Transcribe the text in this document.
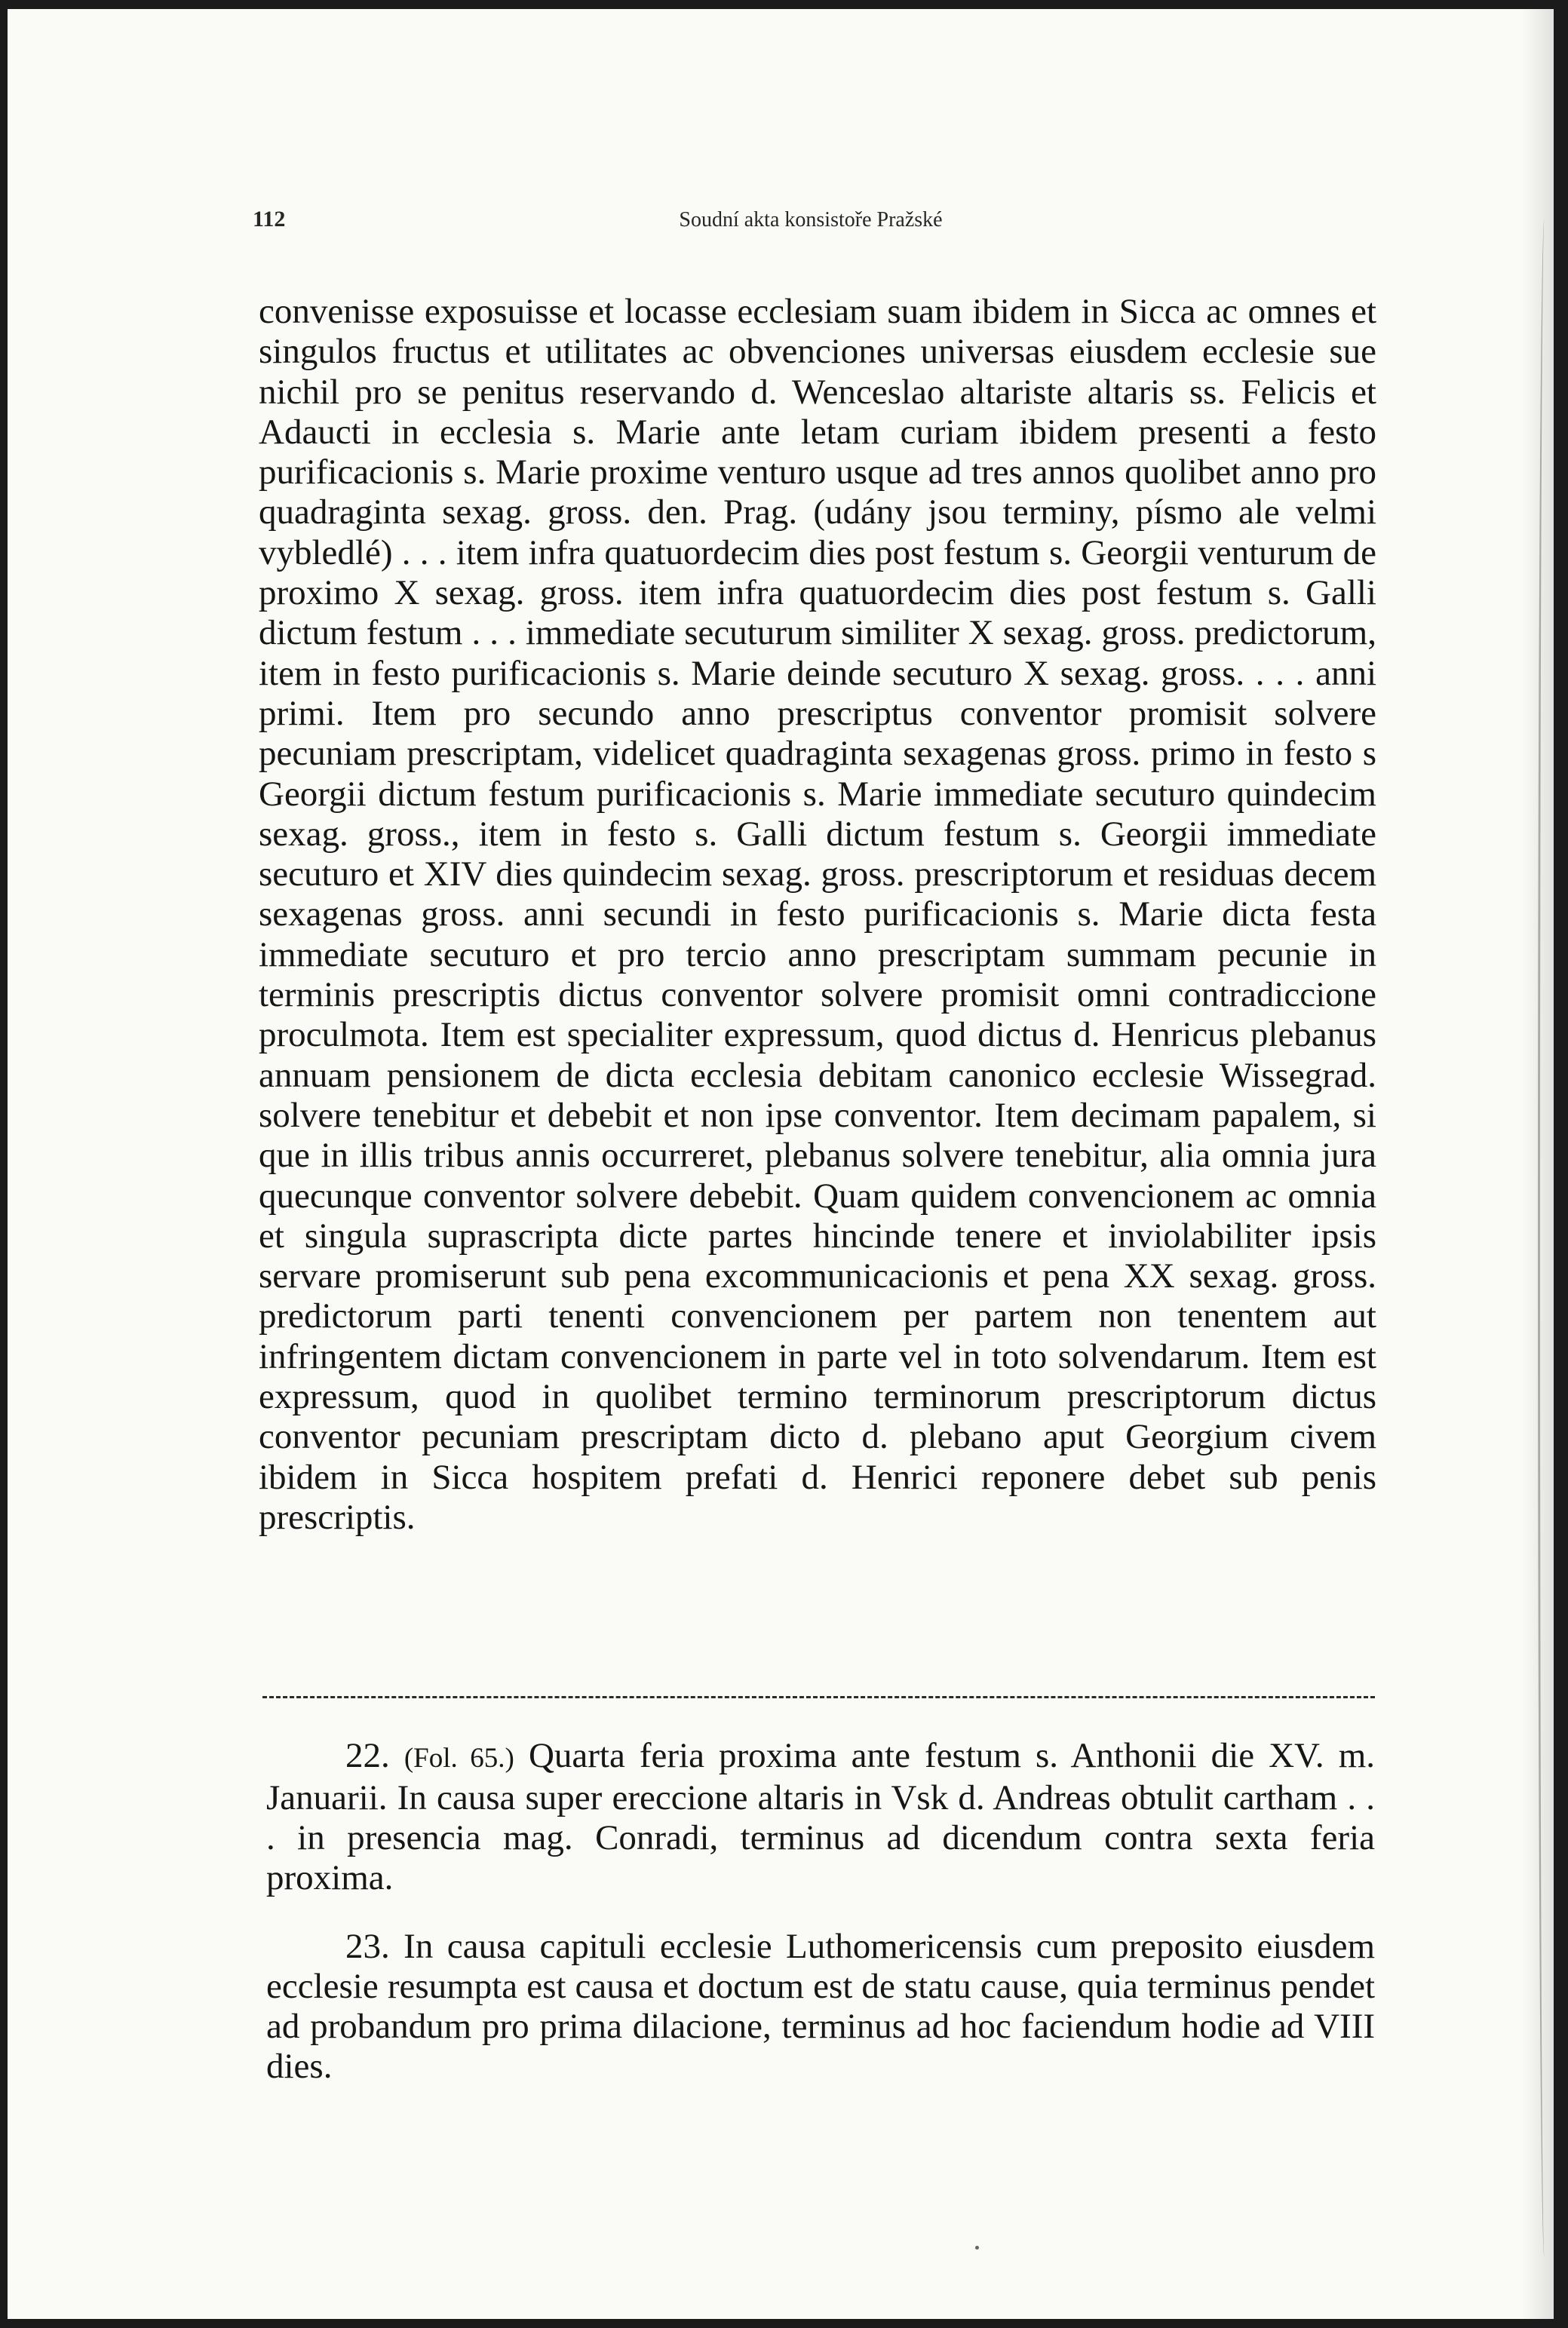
112	Soudní akta konsistoře Pražské

convenisse exposuisse et locasse ecclesiam suam ibidem in Sicca ac omnes et singulos fructus et utilitates ac obvenciones universas eiusdem ecclesie sue nichil pro se penitus reservando d. Wenceslao altariste altaris ss. Felicis et Adaucti in ecclesia s. Marie ante letam curiam ibidem presenti a festo purificacionis s. Marie proxime venturo usque ad tres annos quolibet anno pro quadraginta sexag. gross. den. Prag. (udány jsou terminy, písmo ale velmi vybledlé) . . . item infra quatuordecim dies post festum s. Georgii venturum de proximo X sexag. gross. item infra quatuordecim dies post festum s. Galli dictum festum . . . immediate secuturum similiter X sexag. gross. predictorum, item in festo purificacionis s. Marie deinde secuturo X sexag. gross. . . . anni primi. Item pro secundo anno prescriptus conventor promisit solvere pecuniam prescriptam, videlicet quadraginta sexagenas gross. primo in festo s Georgii dictum festum purificacionis s. Marie immediate secuturo quindecim sexag. gross., item in festo s. Galli dictum festum s. Georgii immediate secuturo et XIV dies quindecim sexag. gross. prescriptorum et residuas decem sexagenas gross. anni secundi in festo purificacionis s. Marie dicta festa immediate secuturo et pro tercio anno prescriptam summam pecunie in terminis prescriptis dictus conventor solvere promisit omni contradiccione proculmota. Item est specialiter expressum, quod dictus d. Henricus plebanus annuam pensionem de dicta ecclesia debitam canonico ecclesie Wissegrad. solvere tenebitur et debebit et non ipse conventor. Item decimam papalem, si que in illis tribus annis occurreret, plebanus solvere tenebitur, alia omnia jura quecunque conventor solvere debebit. Quam quidem convencionem ac omnia et singula suprascripta dicte partes hincinde tenere et inviolabiliter ipsis servare promiserunt sub pena excommunicacionis et pena XX sexag. gross. predictorum parti tenenti convencionem per partem non tenentem aut infringentem dictam convencionem in parte vel in toto solvendarum. Item est expressum, quod in quolibet termino terminorum prescriptorum dictus conventor pecuniam prescriptam dicto d. plebano aput Georgium civem ibidem in Sicca hospitem prefati d. Henrici reponere debet sub penis prescriptis.

22. (Fol. 65.) Quarta feria proxima ante festum s. Anthonii die XV. m. Januarii. In causa super ereccione altaris in Vsk d. Andreas obtulit cartham . . . in presencia mag. Conradi, terminus ad dicendum contra sexta feria proxima.

23. In causa capituli ecclesie Luthomericensis cum preposito eiusdem ecclesie resumpta est causa et doctum est de statu cause, quia terminus pendet ad probandum pro prima dilacione, terminus ad hoc faciendum hodie ad VIII dies.
